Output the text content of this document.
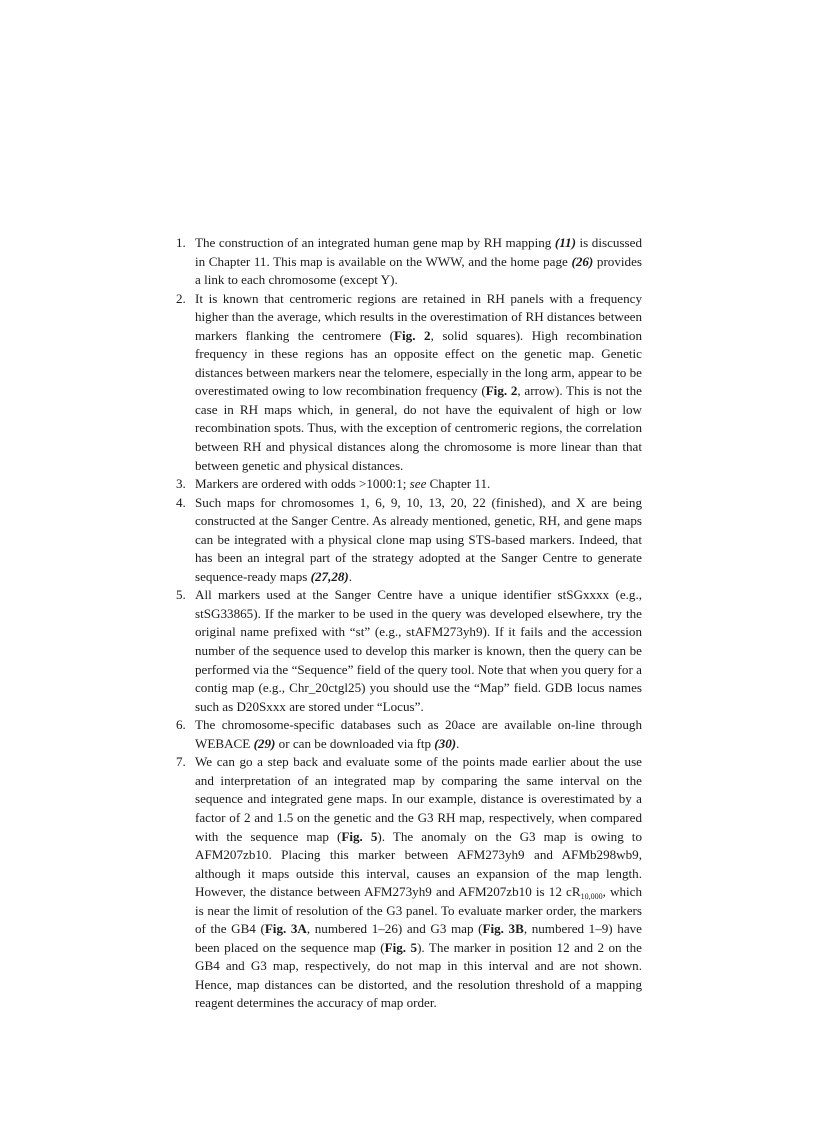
1. The construction of an integrated human gene map by RH mapping (11) is discussed in Chapter 11. This map is available on the WWW, and the home page (26) provides a link to each chromosome (except Y).
2. It is known that centromeric regions are retained in RH panels with a frequency higher than the average, which results in the overestimation of RH distances between markers flanking the centromere (Fig. 2, solid squares). High recombination frequency in these regions has an opposite effect on the genetic map. Genetic distances between markers near the telomere, especially in the long arm, appear to be overestimated owing to low recombination frequency (Fig. 2, arrow). This is not the case in RH maps which, in general, do not have the equivalent of high or low recombination spots. Thus, with the exception of centromeric regions, the correlation between RH and physical distances along the chromosome is more linear than that between genetic and physical distances.
3. Markers are ordered with odds >1000:1; see Chapter 11.
4. Such maps for chromosomes 1, 6, 9, 10, 13, 20, 22 (finished), and X are being constructed at the Sanger Centre. As already mentioned, genetic, RH, and gene maps can be integrated with a physical clone map using STS-based markers. Indeed, that has been an integral part of the strategy adopted at the Sanger Centre to generate sequence-ready maps (27,28).
5. All markers used at the Sanger Centre have a unique identifier stSGxxxx (e.g., stSG33865). If the marker to be used in the query was developed elsewhere, try the original name prefixed with “st” (e.g., stAFM273yh9). If it fails and the accession number of the sequence used to develop this marker is known, then the query can be performed via the “Sequence” field of the query tool. Note that when you query for a contig map (e.g., Chr_20ctgl25) you should use the “Map” field. GDB locus names such as D20Sxxx are stored under “Locus”.
6. The chromosome-specific databases such as 20ace are available on-line through WEBACE (29) or can be downloaded via ftp (30).
7. We can go a step back and evaluate some of the points made earlier about the use and interpretation of an integrated map by comparing the same interval on the sequence and integrated gene maps. In our example, distance is overestimated by a factor of 2 and 1.5 on the genetic and the G3 RH map, respectively, when compared with the sequence map (Fig. 5). The anomaly on the G3 map is owing to AFM207zb10. Placing this marker between AFM273yh9 and AFMb298wb9, although it maps outside this interval, causes an expansion of the map length. However, the distance between AFM273yh9 and AFM207zb10 is 12 $cR_{10,000}$, which is near the limit of resolution of the G3 panel. To evaluate marker order, the markers of the GB4 (Fig. 3A, numbered 1–26) and G3 map (Fig. 3B, numbered 1–9) have been placed on the sequence map (Fig. 5). The marker in position 12 and 2 on the GB4 and G3 map, respectively, do not map in this interval and are not shown. Hence, map distances can be distorted, and the resolution threshold of a mapping reagent determines the accuracy of map order.
